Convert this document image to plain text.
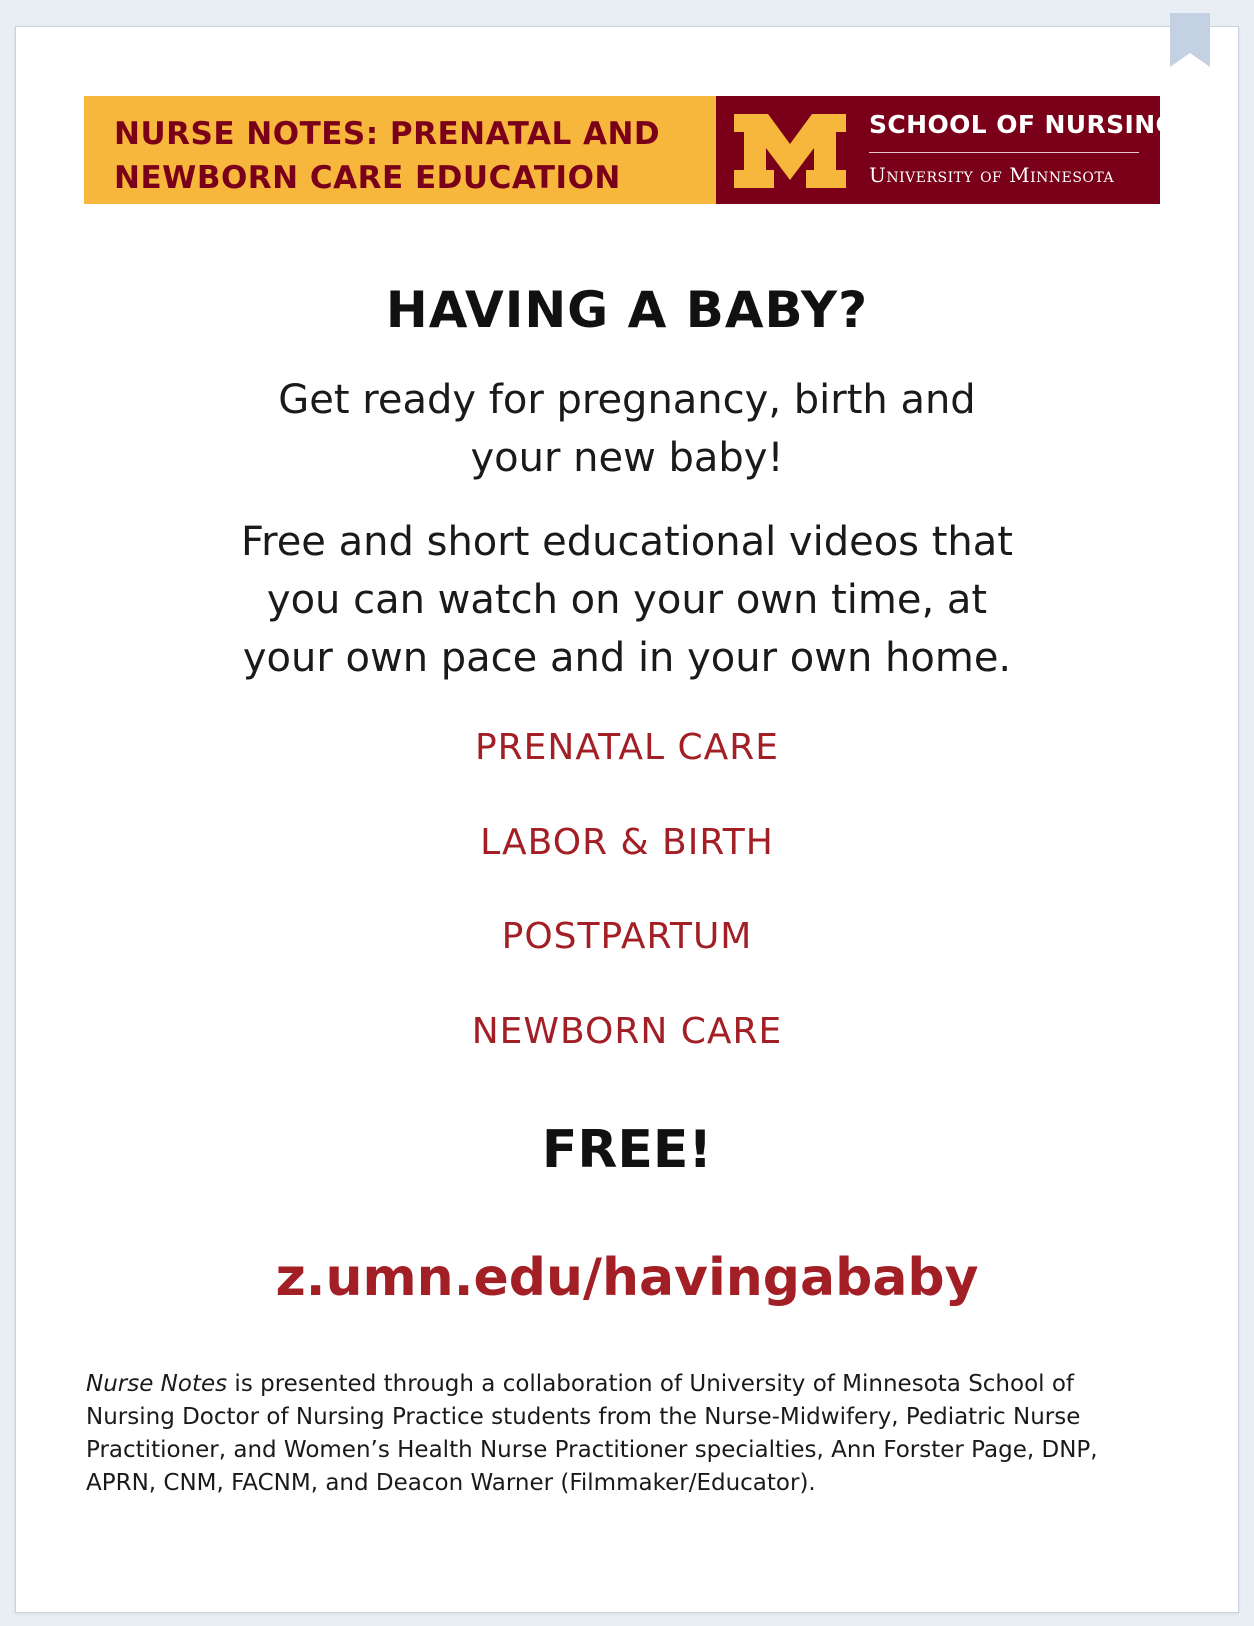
NURSE NOTES: PRENATAL AND
NEWBORN CARE EDUCATION
SCHOOL OF NURSING
University of Minnesota
HAVING A BABY?
Get ready for pregnancy, birth and
your new baby!
Free and short educational videos that
you can watch on your own time, at
your own pace and in your own home.
PRENATAL CARE
LABOR & BIRTH
POSTPARTUM
NEWBORN CARE
FREE!
z.umn.edu/havingababy
Nurse Notes is presented through a collaboration of University of Minnesota School of
Nursing Doctor of Nursing Practice students from the Nurse-Midwifery, Pediatric Nurse
Practitioner, and Women’s Health Nurse Practitioner specialties, Ann Forster Page, DNP,
APRN, CNM, FACNM, and Deacon Warner (Filmmaker/Educator).
